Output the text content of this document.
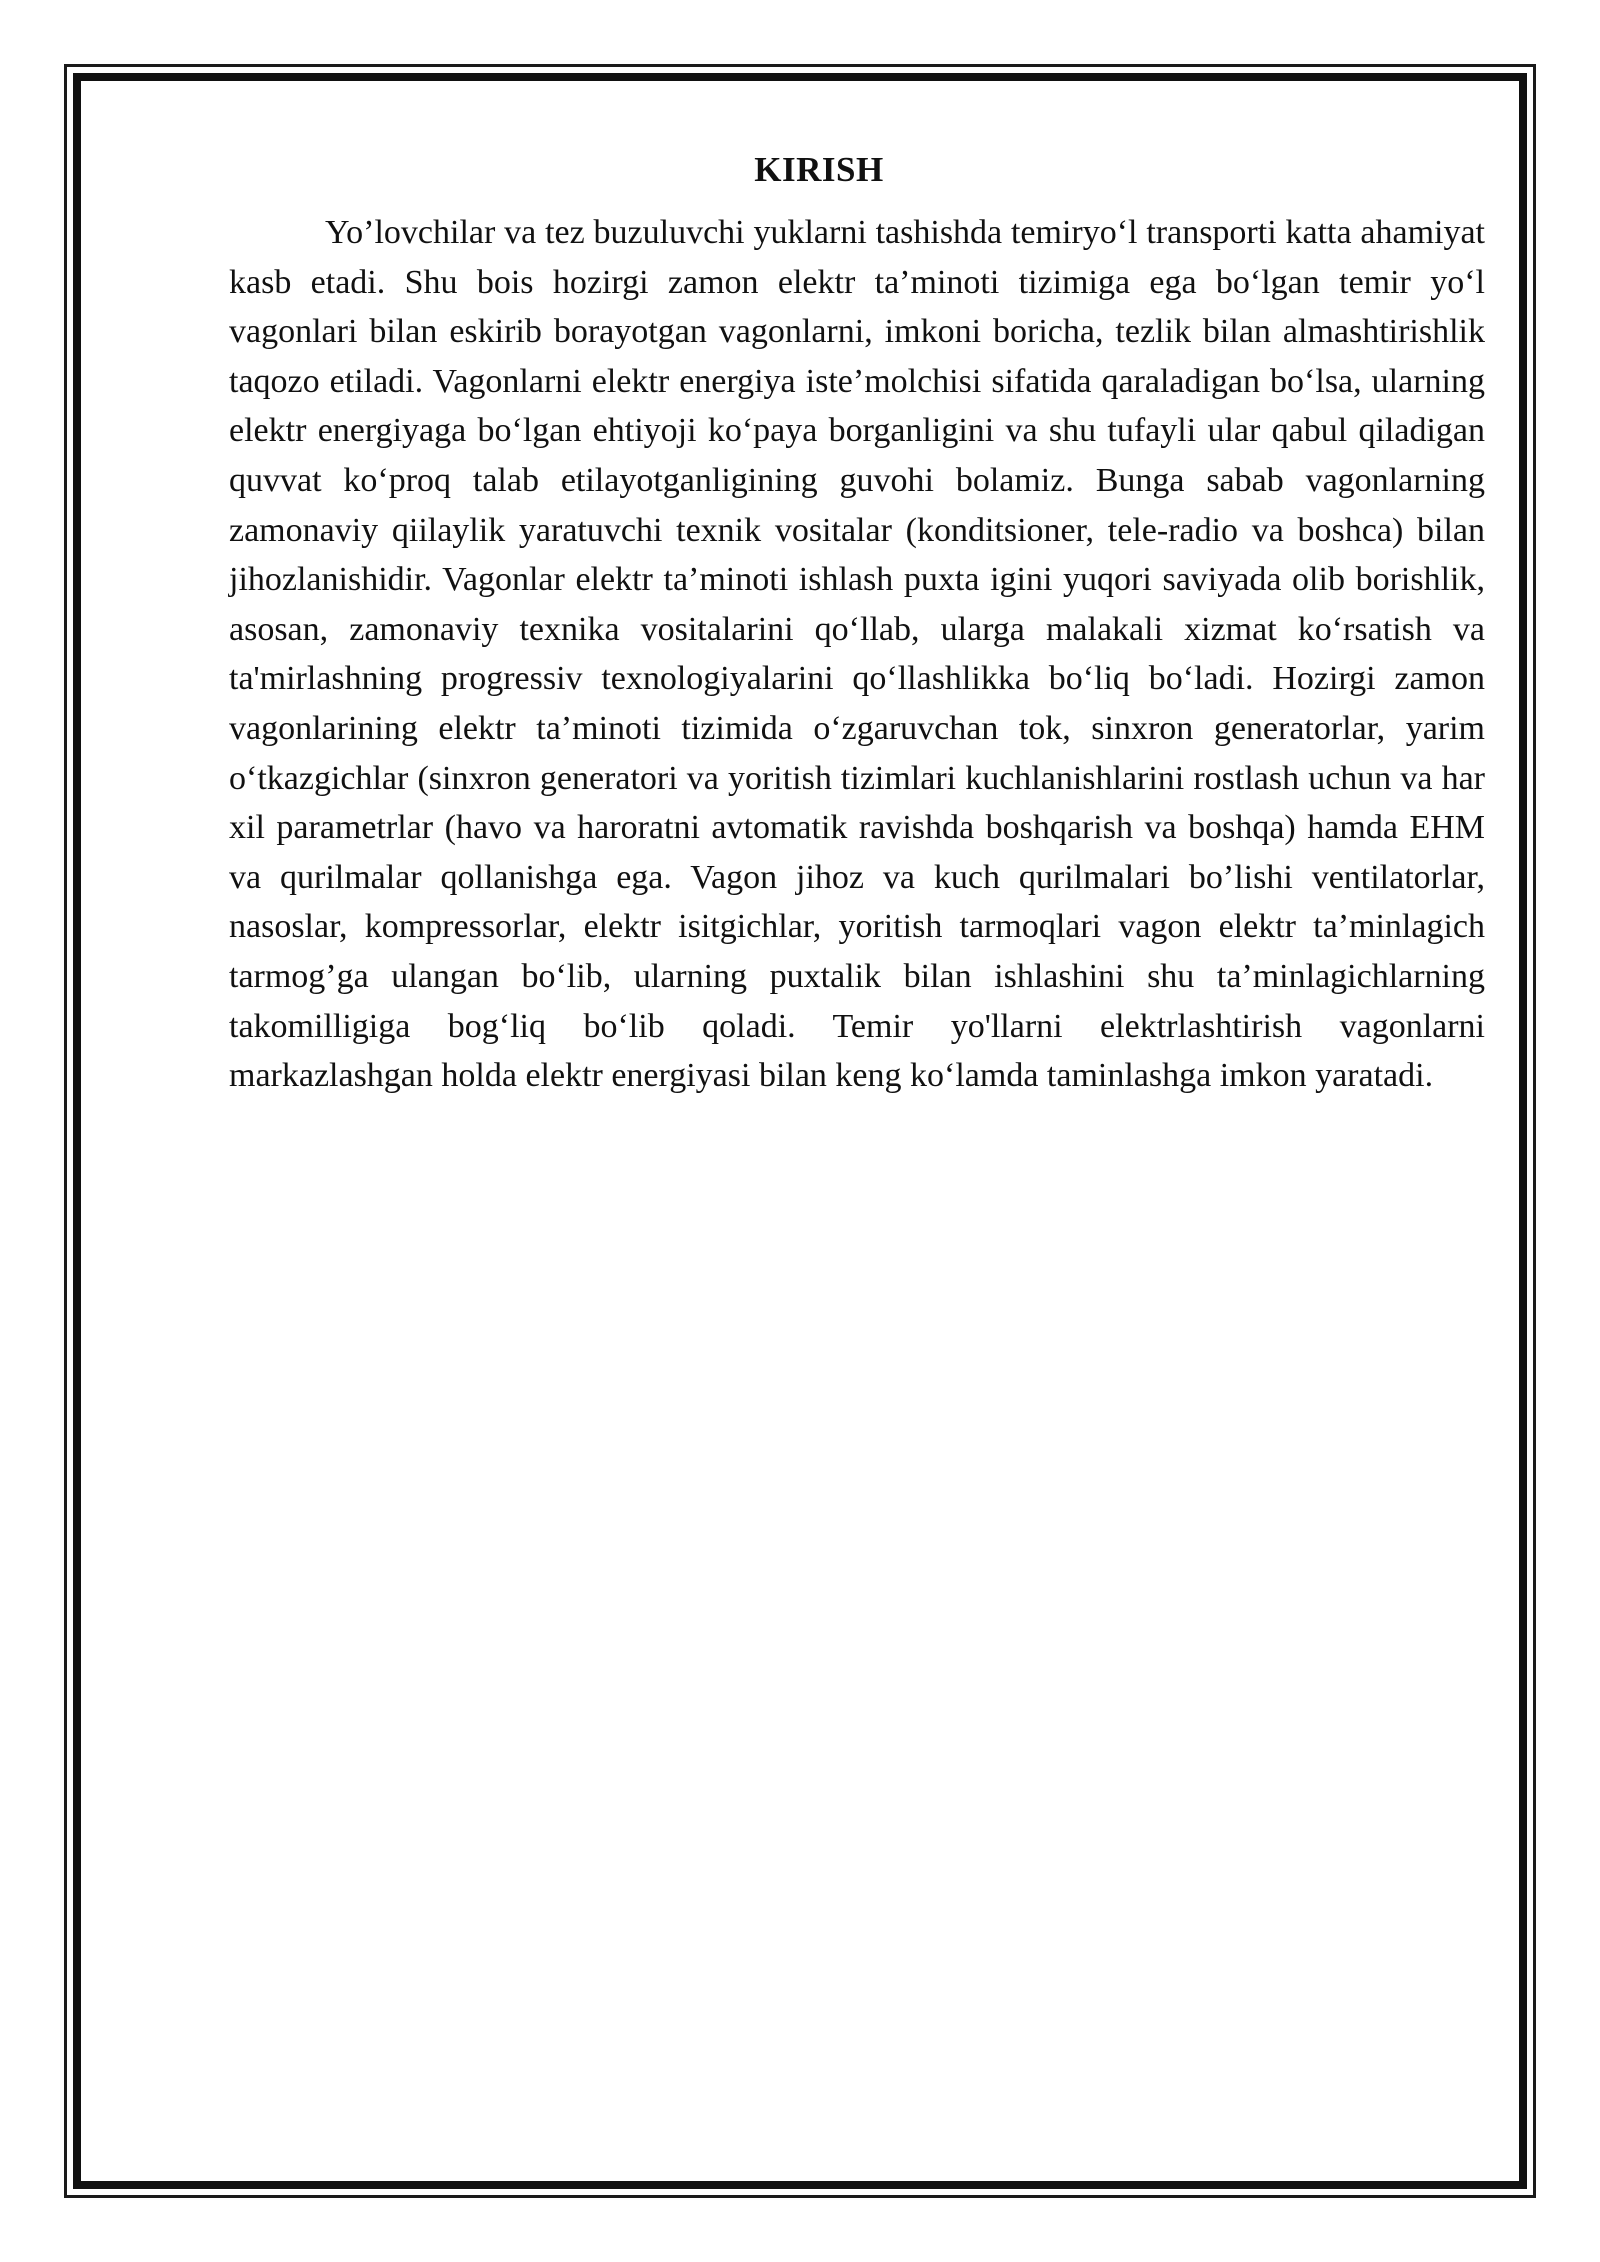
KIRISH

Yo’lovchilar va tez buzuluvchi yuklarni tashishda temiryo‘l transporti katta ahamiyat kasb etadi. Shu bois hozirgi zamon elektr ta’minoti tizimiga ega bo‘lgan temir yo‘l vagonlari bilan eskirib borayotgan vagonlarni, imkoni boricha, tezlik bilan almashtirishlik taqozo etiladi. Vagonlarni elektr energiya iste’molchisi sifatida qaraladigan bo‘lsa, ularning elektr energiyaga bo‘lgan ehtiyoji ko‘paya borganligini va shu tufayli ular qabul qiladigan quvvat ko‘proq talab etilayotganligining guvohi bolamiz. Bunga sabab vagonlarning zamonaviy qiilaylik yaratuvchi texnik vositalar (konditsioner, tele-radio va boshca) bilan jihozlanishidir. Vagonlar elektr ta’minoti ishlash puxta igini yuqori saviyada olib borishlik, asosan, zamonaviy texnika vositalarini qo‘llab, ularga malakali xizmat ko‘rsatish va ta'mirlashning progressiv texnologiyalarini qo‘llashlikka bo‘liq bo‘ladi. Hozirgi zamon vagonlarining elektr ta’minoti tizimida o‘zgaruvchan tok, sinxron generatorlar, yarim o‘tkazgichlar (sinxron generatori va yoritish tizimlari kuchlanishlarini rostlash uchun va har xil parametrlar (havo va haroratni avtomatik ravishda boshqarish va boshqa) hamda EHM va qurilmalar qollanishga ega. Vagon jihoz va kuch qurilmalari bo’lishi ventilatorlar, nasoslar, kompressorlar, elektr isitgichlar, yoritish tarmoqlari vagon elektr ta’minlagich tarmog’ga ulangan bo‘lib, ularning puxtalik bilan ishlashini shu ta’minlagichlarning takomilligiga bog‘liq bo‘lib qoladi. Temir yo'llarni elektrlashtirish vagonlarni markazlashgan holda elektr energiyasi bilan keng ko‘lamda taminlashga imkon yaratadi.
